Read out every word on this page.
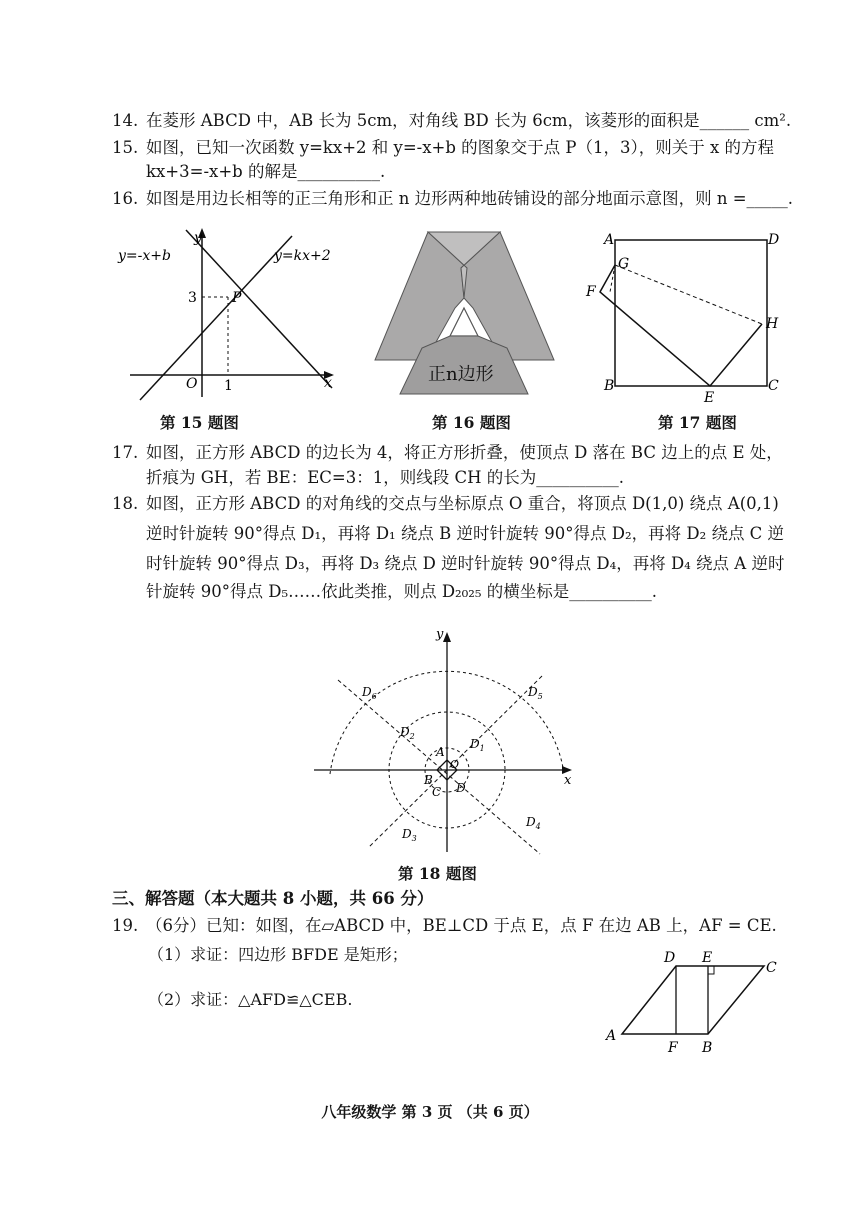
14. 在菱形 ABCD 中，AB 长为 5cm，对角线 BD 长为 6cm，该菱形的面积是______ cm².
15. 如图，已知一次函数 y=kx+2 和 y=-x+b 的图象交于点 P（1，3），则关于 x 的方程
kx+3=-x+b 的解是__________.
16. 如图是用边长相等的正三角形和正 n 边形两种地砖铺设的部分地面示意图，则 n =_____.
y=-x+b	y=kx+2
y
x
O
3
1
P
正n边形
A	D
G
F
H
B
E
C
第 15 题图	第 16 题图	第 17 题图
17. 如图，正方形 ABCD 的边长为 4，将正方形折叠，使顶点 D 落在 BC 边上的点 E 处，
折痕为 GH，若 BE：EC=3：1，则线段 CH 的长为__________.
18. 如图，正方形 ABCD 的对角线的交点与坐标原点 O 重合，将顶点 D(1,0) 绕点 A(0,1)
逆时针旋转 90°得点 D₁，再将 D₁ 绕点 B 逆时针旋转 90°得点 D₂，再将 D₂ 绕点 C 逆
时针旋转 90°得点 D₃，再将 D₃ 绕点 D 逆时针旋转 90°得点 D₄，再将 D₄ 绕点 A 逆时
针旋转 90°得点 D₅……依此类推，则点 D₂₀₂₅ 的横坐标是__________.
y
x
O
A
B
C D
$D_1$
$D_2$
$D_3$
$D_4$
$D_5$
$D_6$
第 18 题图
三、解答题（本大题共 8 小题，共 66 分）
19. （6分）已知：如图，在▱ABCD 中，BE⊥CD 于点 E，点 F 在边 AB 上，AF = CE.
（1）求证：四边形 BFDE 是矩形；
（2）求证：△AFD≌△CEB.
D E
C
A
F B
八年级数学 第 3 页 （共 6 页）
